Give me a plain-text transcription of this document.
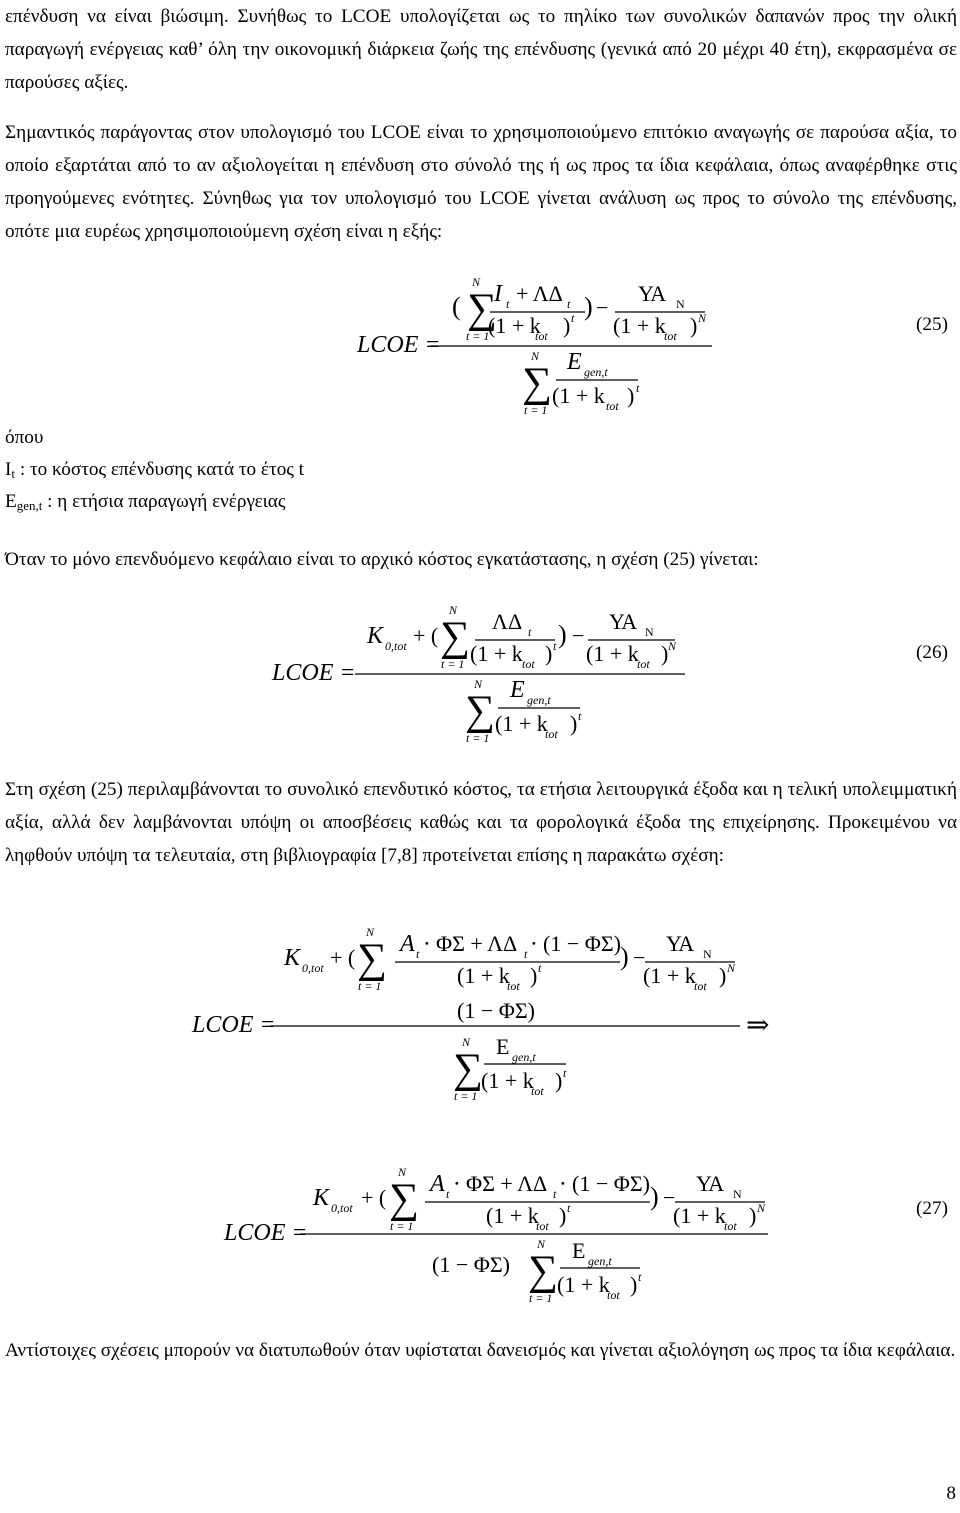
επένδυση να είναι βιώσιμη. Συνήθως το LCOE υπολογίζεται ως το πηλίκο των συνολικών δαπανών προς την ολική παραγωγή ενέργειας καθ’ όλη την οικονομική διάρκεια ζωής της επένδυσης (γενικά από 20 μέχρι 40 έτη), εκφρασμένα σε παρούσες αξίες.

Σημαντικός παράγοντας στον υπολογισμό του LCOE είναι το χρησιμοποιούμενο επιτόκιο αναγωγής σε παρούσα αξία, το οποίο εξαρτάται από το αν αξιολογείται η επένδυση στο σύνολό της ή ως προς τα ίδια κεφάλαια, όπως αναφέρθηκε στις προηγούμενες ενότητες. Σύνηθως για τον υπολογισμό του LCOE γίνεται ανάλυση ως προς το σύνολο της επένδυσης, οπότε μια ευρέως χρησιμοποιούμενη σχέση είναι η εξής:

LCOE =
( ∑
N
t = 1
I t + ΛΔ t
(1 + k
tot ) t ) −
ΥΑ N
(1 + k
tot ) N
∑
N
t = 1
E gen,t
(1 + k tot ) t
(25)
όπου
$I_t$ : το κόστος επένδυσης κατά το έτος t
$E_{gen,t}$ : η ετήσια παραγωγή ενέργειας

Όταν το μόνο επενδυόμενο κεφάλαιο είναι το αρχικό κόστος εγκατάστασης, η σχέση (25) γίνεται:

LCOE =
K 0,tot + ( ∑
N
t = 1
ΛΔ t
(1 + k tot ) t ) −
ΥΑ N
(1 + k
tot ) N
∑
N
t = 1
E gen,t
(1 + k
tot ) t
(26)

Στη σχέση (25) περιλαμβάνονται το συνολικό επενδυτικό κόστος, τα ετήσια λειτουργικά έξοδα και η τελική υπολειμματική αξία, αλλά δεν λαμβάνονται υπόψη οι αποσβέσεις καθώς και τα φορολογικά έξοδα της επιχείρησης. Προκειμένου να ληφθούν υπόψη τα τελευταία, στη βιβλιογραφία [7,8] προτείνεται επίσης η παρακάτω σχέση:

LCOE =
K 0,tot + ( ∑
N
t = 1
A t ⋅ ΦΣ + ΛΔ t ⋅ (1 − ΦΣ)
(1 + k
tot ) t	) −
ΥΑ N
(1 + k
tot ) N
(1 − ΦΣ)
∑
N
t = 1
E gen,t
(1 + k
tot ) t
⇒
LCOE =
K 0,tot + ( ∑
N
t = 1
A t ⋅ ΦΣ + ΛΔ t ⋅ (1 − ΦΣ)
(1 + k
tot ) t	) −
ΥΑ N
(1 + k
tot ) N
(1 − ΦΣ) ∑
N
t = 1
E gen,t
(1 + k
tot ) t
(27)

Αντίστοιχες σχέσεις μπορούν να διατυπωθούν όταν υφίσταται δανεισμός και γίνεται αξιολόγηση ως προς τα ίδια κεφάλαια.

8
